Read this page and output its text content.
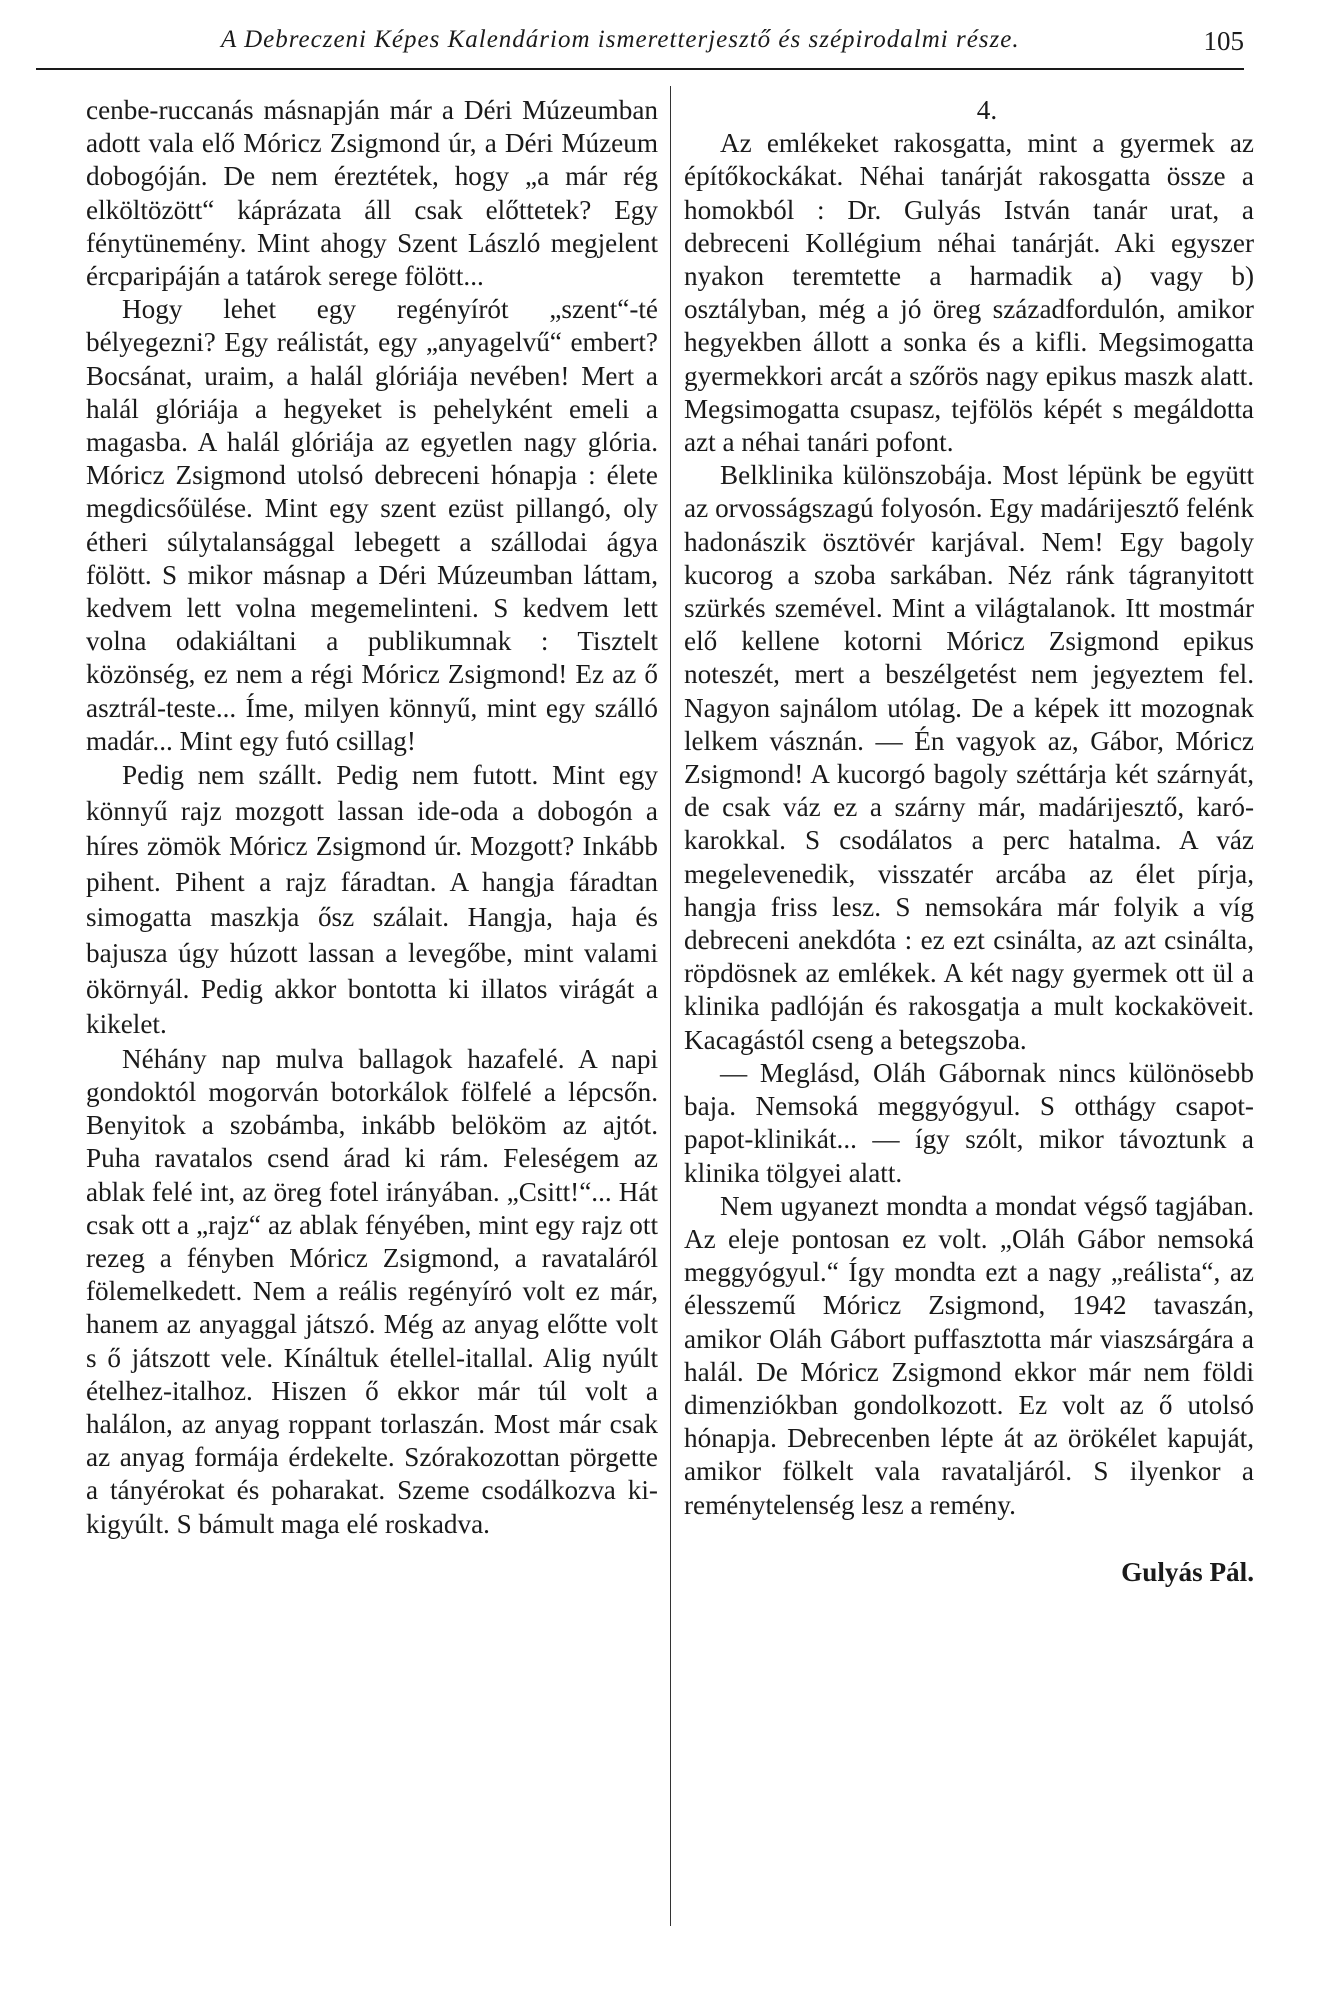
A Debreczeni Képes Kalendáriom ismeretterjesztő és szépirodalmi része.	105

cenbe-ruccanás másnapján már a Déri Múzeumban adott vala elő Móricz Zsigmond úr, a Déri Múzeum dobogóján. De nem éreztétek, hogy „a már rég elköltözött“ káprázata áll csak előttetek? Egy fénytünemény. Mint ahogy Szent László megjelent ércparipáján a tatárok serege fölött...

Hogy lehet egy regényírót „szent“-té bélyegezni? Egy reálistát, egy „anyagelvű“ embert? Bocsánat, uraim, a halál glóriája nevében! Mert a halál glóriája a hegyeket is pehelyként emeli a magasba. A halál glóriája az egyetlen nagy glória. Móricz Zsigmond utolsó debreceni hónapja : élete megdicsőülése. Mint egy szent ezüst pillangó, oly étheri súlytalansággal lebegett a szállodai ágya fölött. S mikor másnap a Déri Múzeumban láttam, kedvem lett volna megemelinteni. S kedvem lett volna odakiáltani a publikumnak : Tisztelt közönség, ez nem a régi Móricz Zsigmond! Ez az ő asztrál-teste... Íme, milyen könnyű, mint egy szálló madár... Mint egy futó csillag!

Pedig nem szállt. Pedig nem futott. Mint egy könnyű rajz mozgott lassan ide-oda a dobogón a híres zömök Móricz Zsigmond úr. Mozgott? Inkább pihent. Pihent a rajz fáradtan. A hangja fáradtan simogatta maszkja ősz szálait. Hangja, haja és bajusza úgy húzott lassan a levegőbe, mint valami ökörnyál. Pedig akkor bontotta ki illatos virágát a kikelet.

Néhány nap mulva ballagok hazafelé. A napi gondoktól mogorván botorkálok fölfelé a lépcsőn. Benyitok a szobámba, inkább belököm az ajtót. Puha ravatalos csend árad ki rám. Feleségem az ablak felé int, az öreg fotel irányában. „Csitt!“... Hát csak ott a „rajz“ az ablak fényében, mint egy rajz ott rezeg a fényben Móricz Zsigmond, a ravataláról fölemelkedett. Nem a reális regényíró volt ez már, hanem az anyaggal játszó. Még az anyag előtte volt s ő játszott vele. Kínáltuk étellel-itallal. Alig nyúlt ételhez-italhoz. Hiszen ő ekkor már túl volt a halálon, az anyag roppant torlaszán. Most már csak az anyag formája érdekelte. Szórakozottan pörgette a tányérokat és poharakat. Szeme csodálkozva ki-kigyúlt. S bámult maga elé roskadva.

4.

Az emlékeket rakosgatta, mint a gyermek az építőkockákat. Néhai tanárját rakosgatta össze a homokból : Dr. Gulyás István tanár urat, a debreceni Kollégium néhai tanárját. Aki egyszer nyakon teremtette a harmadik a) vagy b) osztályban, még a jó öreg századfordulón, amikor hegyekben állott a sonka és a kifli. Megsimogatta gyermekkori arcát a szőrös nagy epikus maszk alatt. Megsimogatta csupasz, tejfölös képét s megáldotta azt a néhai tanári pofont.

Belklinika különszobája. Most lépünk be együtt az orvosságszagú folyosón. Egy madárijesztő felénk hadonászik ösztövér karjával. Nem! Egy bagoly kucorog a szoba sarkában. Néz ránk tágranyitott szürkés szemével. Mint a világtalanok. Itt mostmár elő kellene kotorni Móricz Zsigmond epikus noteszét, mert a beszélgetést nem jegyeztem fel. Nagyon sajnálom utólag. De a képek itt mozognak lelkem vásznán. — Én vagyok az, Gábor, Móricz Zsigmond! A kucorgó bagoly széttárja két szárnyát, de csak váz ez a szárny már, madárijesztő, karó-karokkal. S csodálatos a perc hatalma. A váz megelevenedik, visszatér arcába az élet pírja, hangja friss lesz. S nemsokára már folyik a víg debreceni anekdóta : ez ezt csinálta, az azt csinálta, röpdösnek az emlékek. A két nagy gyermek ott ül a klinika padlóján és rakosgatja a mult kockaköveit. Kacagástól cseng a betegszoba.

— Meglásd, Oláh Gábornak nincs különösebb baja. Nemsoká meggyógyul. S otthágy csapot-papot-klinikát... — így szólt, mikor távoztunk a klinika tölgyei alatt.

Nem ugyanezt mondta a mondat végső tagjában. Az eleje pontosan ez volt. „Oláh Gábor nemsoká meggyógyul.“ Így mondta ezt a nagy „reálista“, az élesszemű Móricz Zsigmond, 1942 tavaszán, amikor Oláh Gábort puffasztotta már viaszsárgára a halál. De Móricz Zsigmond ekkor már nem földi dimenziókban gondolkozott. Ez volt az ő utolsó hónapja. Debrecenben lépte át az örökélet kapuját, amikor fölkelt vala ravataljáról. S ilyenkor a reménytelenség lesz a remény.

Gulyás Pál.
